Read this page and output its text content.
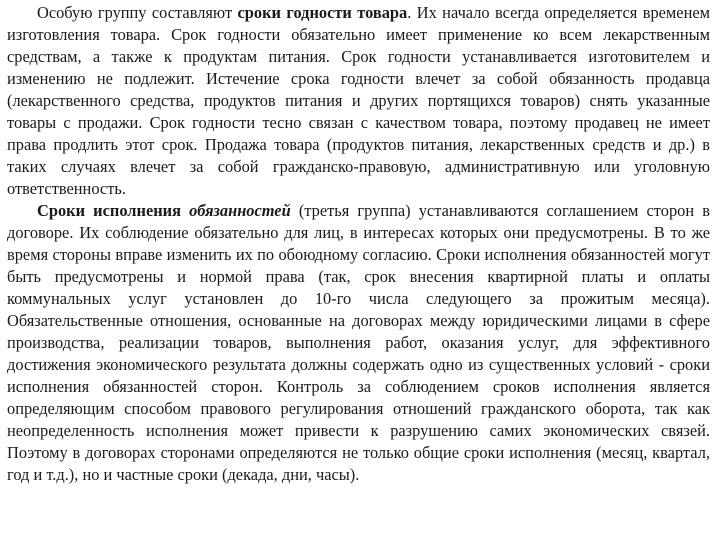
Особую группу составляют сроки годности товара. Их начало всегда определяется временем изготовления товара. Срок годности обязательно имеет применение ко всем лекарственным средствам, а также к продуктам питания. Срок годности устанавливается изготовителем и изменению не подлежит. Истечение срока годности влечет за собой обязанность продавца (лекарственного средства, продуктов питания и других портящихся товаров) снять указанные товары с продажи. Срок годности тесно связан с качеством товара, поэтому продавец не имеет права продлить этот срок. Продажа товара (продуктов питания, лекарственных средств и др.) в таких случаях влечет за собой гражданско-правовую, административную или уголовную ответственность.

Сроки исполнения обязанностей (третья группа) устанавливаются соглашением сторон в договоре. Их соблюдение обязательно для лиц, в интересах которых они предусмотрены. В то же время стороны вправе изменить их по обоюдному согласию. Сроки исполнения обязанностей могут быть предусмотрены и нормой права (так, срок внесения квартирной платы и оплаты коммунальных услуг установлен до 10-го числа следующего за прожитым месяца). Обязательственные отношения, основанные на договорах между юридическими лицами в сфере производства, реализации товаров, выполнения работ, оказания услуг, для эффективного достижения экономического результата должны содержать одно из существенных условий - сроки исполнения обязанностей сторон. Контроль за соблюдением сроков исполнения является определяющим способом правового регулирования отношений гражданского оборота, так как неопределенность исполнения может привести к разрушению самих экономических связей. Поэтому в договорах сторонами определяются не только общие сроки исполнения (месяц, квартал, год и т.д.), но и частные сроки (декада, дни, часы).
